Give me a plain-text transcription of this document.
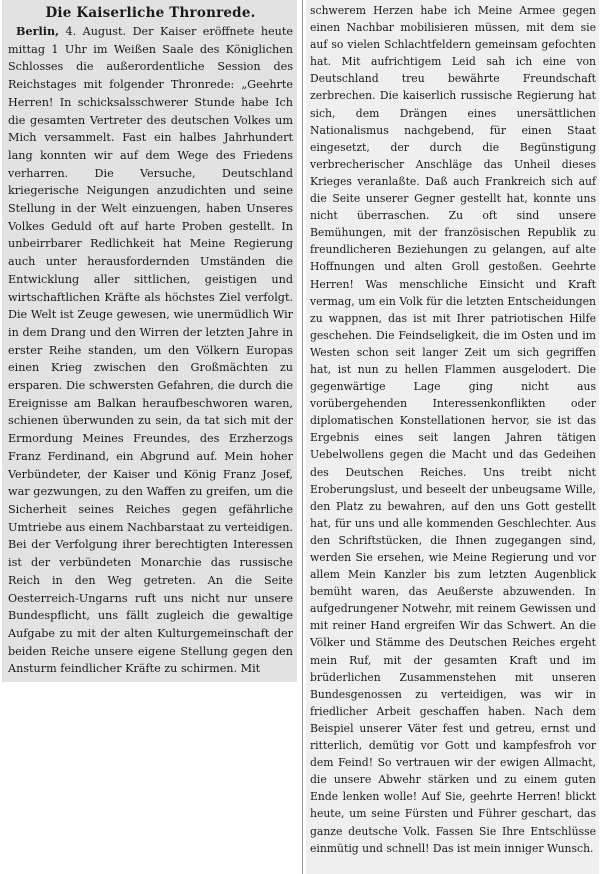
Die Kaiserliche Thronrede.

Berlin, 4. August. Der Kaiser eröffnete heute mittag 1 Uhr im Weißen Saale des Königlichen Schlosses die außerordentliche Session des Reichstages mit folgender Thronrede: „Geehrte Herren! In schicksalsschwerer Stunde habe Ich die gesamten Vertreter des deutschen Volkes um Mich versammelt. Fast ein halbes Jahrhundert lang konnten wir auf dem Wege des Friedens verharren. Die Versuche, Deutschland kriegerische Neigungen anzudichten und seine Stellung in der Welt einzuengen, haben Unseres Volkes Geduld oft auf harte Proben gestellt. In unbeirrbarer Redlichkeit hat Meine Regierung auch unter herausfordernden Umständen die Entwicklung aller sittlichen, geistigen und wirtschaftlichen Kräfte als höchstes Ziel verfolgt. Die Welt ist Zeuge gewesen, wie unermüdlich Wir in dem Drang und den Wirren der letzten Jahre in erster Reihe standen, um den Völkern Europas einen Krieg zwischen den Großmächten zu ersparen. Die schwersten Gefahren, die durch die Ereignisse am Balkan heraufbeschworen waren, schienen überwunden zu sein, da tat sich mit der Ermordung Meines Freundes, des Erzherzogs Franz Ferdinand, ein Abgrund auf. Mein hoher Verbündeter, der Kaiser und König Franz Josef, war gezwungen, zu den Waffen zu greifen, um die Sicherheit seines Reiches gegen gefährliche Umtriebe aus einem Nachbarstaat zu verteidigen. Bei der Verfolgung ihrer berechtigten Interessen ist der verbündeten Monarchie das russische Reich in den Weg getreten. An die Seite Oesterreich-Ungarns ruft uns nicht nur unsere Bundespflicht, uns fällt zugleich die gewaltige Aufgabe zu mit der alten Kulturgemeinschaft der beiden Reiche unsere eigene Stellung gegen den Ansturm feindlicher Kräfte zu schirmen. Mit

schwerem Herzen habe ich Meine Armee gegen einen Nachbar mobilisieren müssen, mit dem sie auf so vielen Schlachtfeldern gemeinsam gefochten hat. Mit aufrichtigem Leid sah ich eine von Deutschland treu bewährte Freundschaft zerbrechen. Die kaiserlich russische Regierung hat sich, dem Drängen eines unersättlichen Nationalismus nachgebend, für einen Staat eingesetzt, der durch die Begünstigung verbrecherischer Anschläge das Unheil dieses Krieges veranlaßte. Daß auch Frankreich sich auf die Seite unserer Gegner gestellt hat, konnte uns nicht überraschen. Zu oft sind unsere Bemühungen, mit der französischen Republik zu freundlicheren Beziehungen zu gelangen, auf alte Hoffnungen und alten Groll gestoßen. Geehrte Herren! Was menschliche Einsicht und Kraft vermag, um ein Volk für die letzten Entscheidungen zu wappnen, das ist mit Ihrer patriotischen Hilfe geschehen. Die Feindseligkeit, die im Osten und im Westen schon seit langer Zeit um sich gegriffen hat, ist nun zu hellen Flammen ausgelodert. Die gegenwärtige Lage ging nicht aus vorübergehenden Interessenkonflikten oder diplomatischen Konstellationen hervor, sie ist das Ergebnis eines seit langen Jahren tätigen Uebelwollens gegen die Macht und das Gedeihen des Deutschen Reiches. Uns treibt nicht Eroberungslust, und beseelt der unbeugsame Wille, den Platz zu bewahren, auf den uns Gott gestellt hat, für uns und alle kommenden Geschlechter. Aus den Schriftstücken, die Ihnen zugegangen sind, werden Sie ersehen, wie Meine Regierung und vor allem Mein Kanzler bis zum letzten Augenblick bemüht waren, das Aeußerste abzuwenden. In aufgedrungener Notwehr, mit reinem Gewissen und mit reiner Hand ergreifen Wir das Schwert. An die Völker und Stämme des Deutschen Reiches ergeht mein Ruf, mit der gesamten Kraft und im brüderlichen Zusammenstehen mit unseren Bundesgenossen zu verteidigen, was wir in friedlicher Arbeit geschaffen haben. Nach dem Beispiel unserer Väter fest und getreu, ernst und ritterlich, demütig vor Gott und kampfesfroh vor dem Feind! So vertrauen wir der ewigen Allmacht, die unsere Abwehr stärken und zu einem guten Ende lenken wolle! Auf Sie, geehrte Herren! blickt heute, um seine Fürsten und Führer geschart, das ganze deutsche Volk. Fassen Sie Ihre Entschlüsse einmütig und schnell! Das ist mein inniger Wunsch.
